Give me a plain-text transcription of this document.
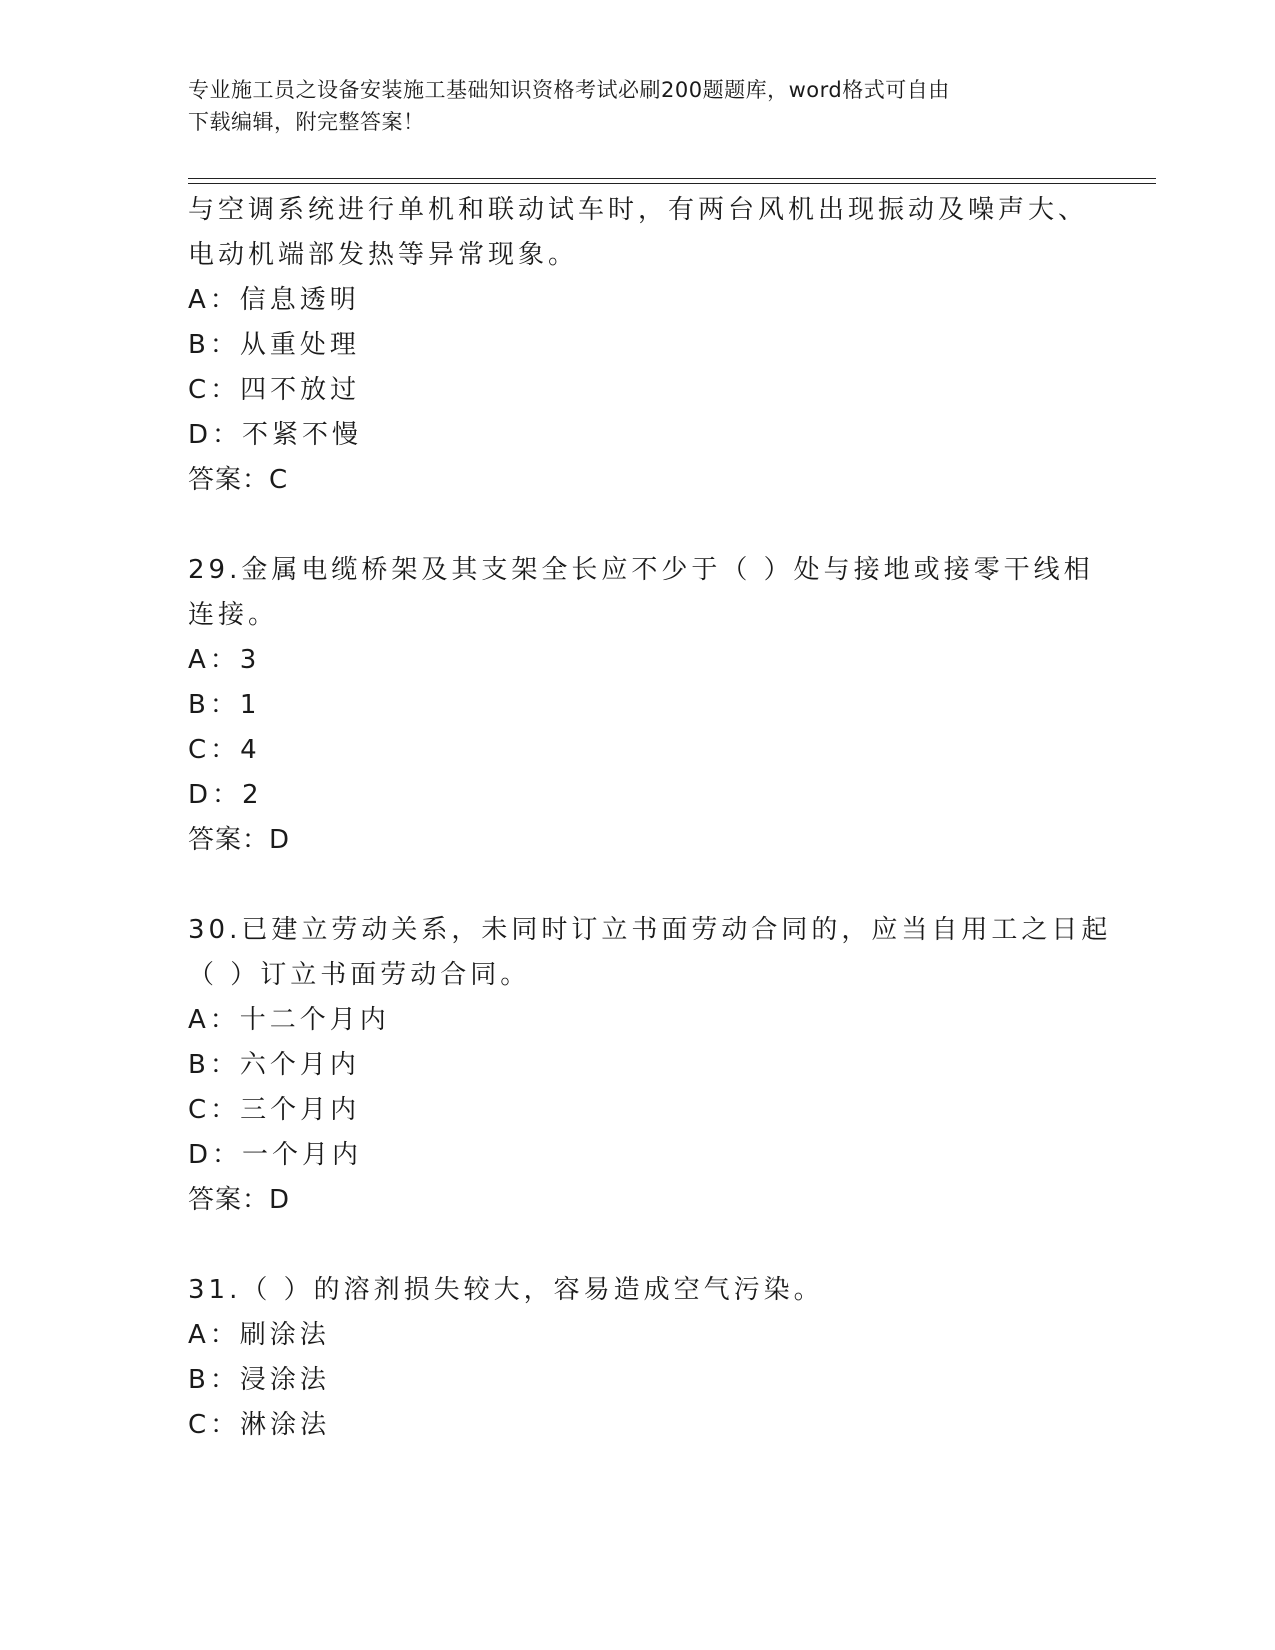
专业施工员之设备安装施工基础知识资格考试必刷200题题库，word格式可自由
下载编辑，附完整答案！
与空调系统进行单机和联动试车时，有两台风机出现振动及噪声大、
电动机端部发热等异常现象。
A：信息透明
B：从重处理
C：四不放过
D：不紧不慢
答案：C
29.金属电缆桥架及其支架全长应不少于（ ）处与接地或接零干线相
连接。
A：3
B：1
C：4
D：2
答案：D
30.已建立劳动关系，未同时订立书面劳动合同的，应当自用工之日起
（ ）订立书面劳动合同。
A：十二个月内
B：六个月内
C：三个月内
D：一个月内
答案：D
31.（ ）的溶剂损失较大，容易造成空气污染。
A：刷涂法
B：浸涂法
C：淋涂法
